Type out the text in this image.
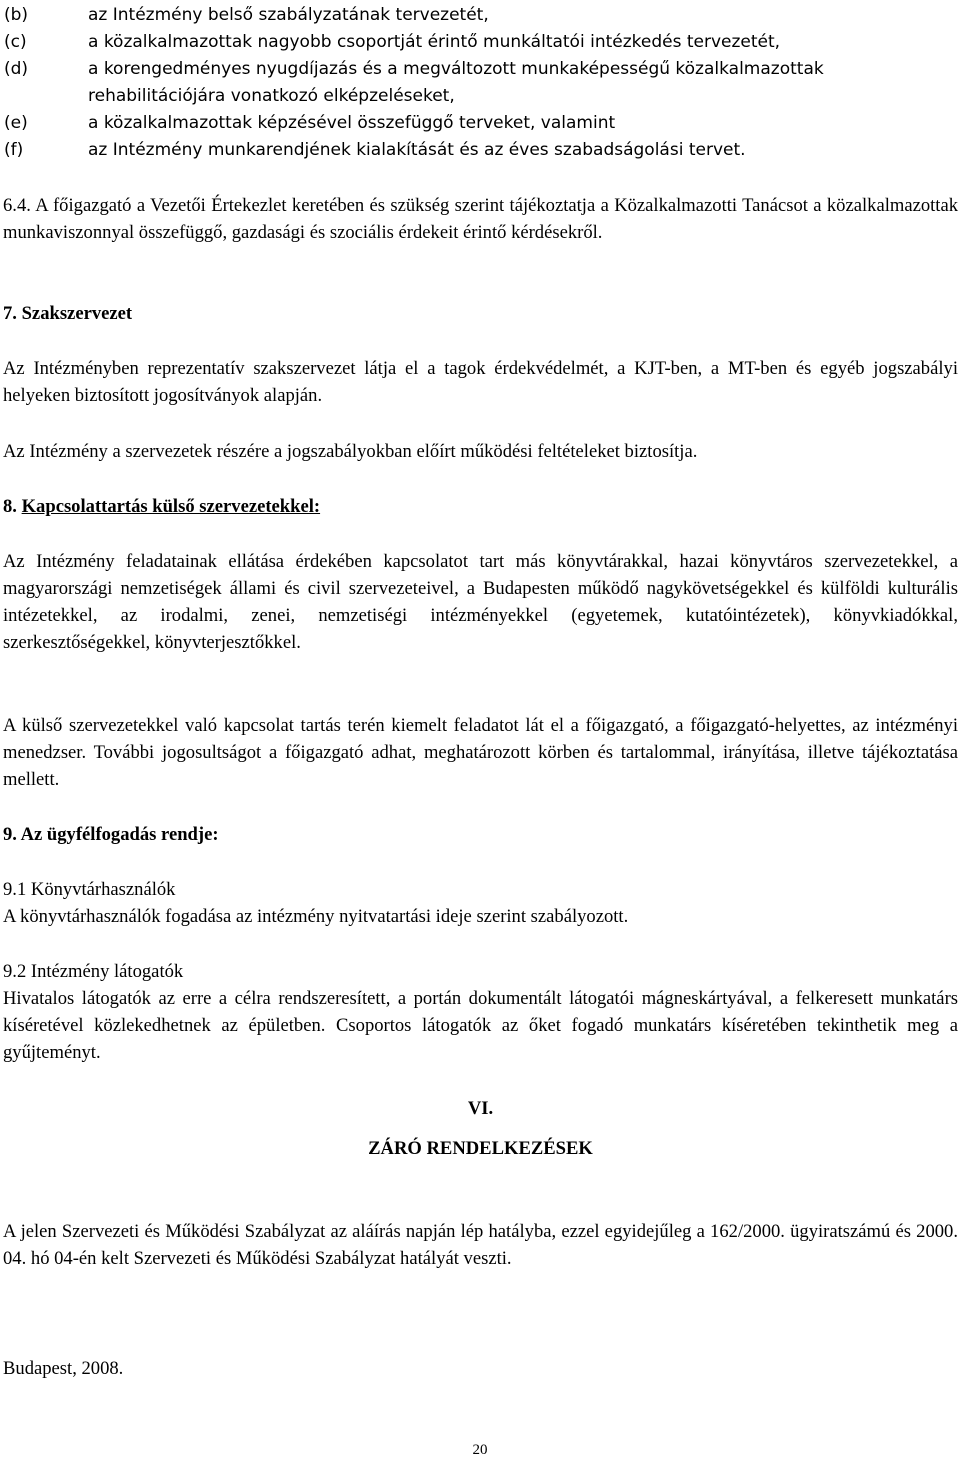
(b)	az Intézmény belső szabályzatának tervezetét,
(c)	a közalkalmazottak nagyobb csoportját érintő munkáltatói intézkedés tervezetét,
(d)	a korengedményes nyugdíjazás és a megváltozott munkaképességű közalkalmazottak
rehabilitációjára vonatkozó elképzeléseket,
(e)	a közalkalmazottak képzésével összefüggő terveket, valamint
(f)	az Intézmény munkarendjének kialakítását és az éves szabadságolási tervet.

6.4. A főigazgató a Vezetői Értekezlet keretében és szükség szerint tájékoztatja a Közalkalmazotti Tanácsot a közalkalmazottak munkaviszonnyal összefüggő, gazdasági és szociális érdekeit érintő kérdésekről.

7. Szakszervezet

Az Intézményben reprezentatív szakszervezet látja el a tagok érdekvédelmét, a KJT-ben, a MT-ben és egyéb jogszabályi helyeken biztosított jogosítványok alapján.

Az Intézmény a szervezetek részére a jogszabályokban előírt működési feltételeket biztosítja.

8. Kapcsolattartás külső szervezetekkel:

Az Intézmény feladatainak ellátása érdekében kapcsolatot tart más könyvtárakkal, hazai könyvtáros szervezetekkel, a magyarországi nemzetiségek állami és civil szervezeteivel, a Budapesten működő nagykövetségekkel és külföldi kulturális intézetekkel, az irodalmi, zenei, nemzetiségi intézményekkel (egyetemek, kutatóintézetek), könyvkiadókkal, szerkesztőségekkel, könyvterjesztőkkel.

A külső szervezetekkel való kapcsolat tartás terén kiemelt feladatot lát el a főigazgató, a főigazgató-helyettes, az intézményi menedzser. További jogosultságot a főigazgató adhat, meghatározott körben és tartalommal, irányítása, illetve tájékoztatása mellett.

9. Az ügyfélfogadás rendje:

9.1 Könyvtárhasználók

A könyvtárhasználók fogadása az intézmény nyitvatartási ideje szerint szabályozott.

9.2 Intézmény látogatók

Hivatalos látogatók az erre a célra rendszeresített, a portán dokumentált látogatói mágneskártyával, a felkeresett munkatárs kíséretével közlekedhetnek az épületben. Csoportos látogatók az őket fogadó munkatárs kíséretében tekinthetik meg a gyűjteményt.

VI.

ZÁRÓ RENDELKEZÉSEK

A jelen Szervezeti és Működési Szabályzat az aláírás napján lép hatályba, ezzel egyidejűleg a 162/2000. ügyiratszámú és 2000. 04. hó 04-én kelt Szervezeti és Működési Szabályzat hatályát veszti.

Budapest, 2008.

20
